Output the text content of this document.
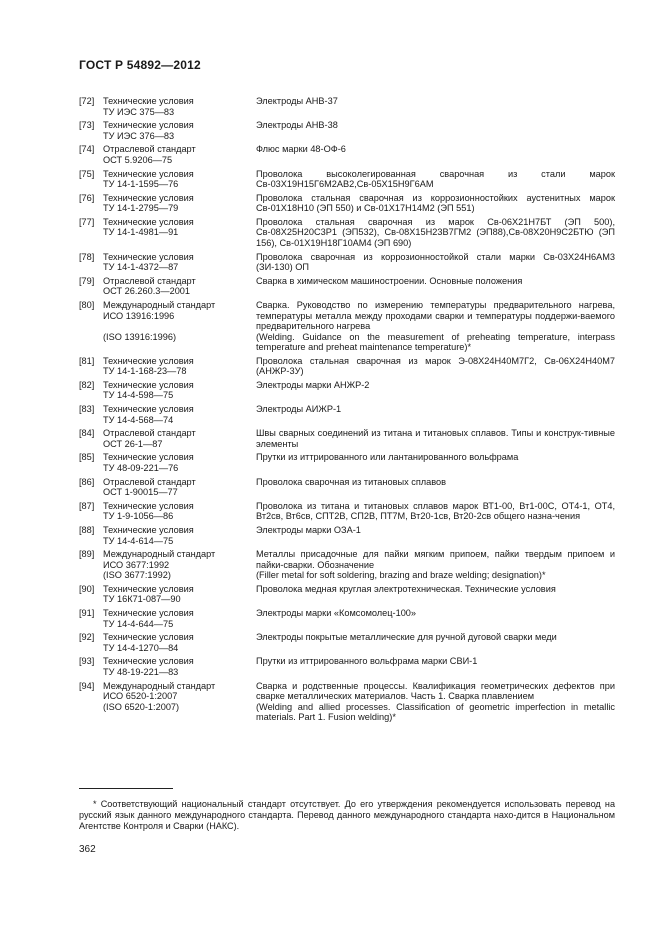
ГОСТ Р 54892—2012
[72] Технические условия
ТУ ИЭС 375—83
Электроды АНВ-37
[73] Технические условия
ТУ ИЭС 376—83
Электроды АНВ-38
[74] Отраслевой стандарт
ОСТ 5.9206—75
Флюс марки 48-ОФ-6
[75] Технические условия
ТУ 14-1-1595—76
Проволока высоколегированная сварочная из стали марок Св-03Х19Н15Г6М2АВ2,Св-05Х15Н9Г6АМ
[76] Технические условия
ТУ 14-1-2795—79
Проволока стальная сварочная из коррозионностойких аустенитных марок Св-01Х18Н10 (ЭП 550) и Св-01Х17Н14М2 (ЭП 551)
[77] Технические условия
ТУ 14-1-4981—91
Проволока стальная сварочная из марок Св-06Х21Н7БТ (ЭП 500), Св-08Х25Н20С3Р1 (ЭП532), Св-08Х15Н23В7ГМ2 (ЭП88),Св-08Х20Н9С2БТЮ (ЭП 156), Св-01Х19Н18Г10АМ4 (ЭП 690)
[78] Технические условия
ТУ 14-1-4372—87
Проволока сварочная из коррозионностойкой стали марки Св-03Х24Н6АМ3 (ЗИ-130) ОП
[79] Отраслевой стандарт
ОСТ 26.260.3—2001
Сварка в химическом машиностроении. Основные положения
[80] Международный стандарт
ИСО 13916:1996
(ISO 13916:1996)
Сварка. Руководство по измерению температуры предварительного нагрева, температуры металла между проходами сварки и температуры поддержи-ваемого предварительного нагрева
(Welding. Guidance on the measurement of preheating temperature, interpass temperature and preheat maintenance temperature)*
[81] Технические условия
ТУ 14-1-168-23—78
Проволока стальная сварочная из марок Э-08Х24Н40М7Г2, Св-06Х24Н40М7 (АНЖР-3У)
[82] Технические условия
ТУ 14-4-598—75
Электроды марки АНЖР-2
[83] Технические условия
ТУ 14-4-568—74
Электроды АИЖР-1
[84] Отраслевой стандарт
ОСТ 26-1—87
Швы сварных соединений из титана и титановых сплавов. Типы и конструк-тивные элементы
[85] Технические условия
ТУ 48-09-221—76
Прутки из иттрированного или лантанированного вольфрама
[86] Отраслевой стандарт
ОСТ 1-90015—77
Проволока сварочная из титановых сплавов
[87] Технические условия
ТУ 1-9-1056—86
Проволока из титана и титановых сплавов марок ВТ1-00, Вт1-00С, ОТ4-1, ОТ4, Вт2св, Вт6св, СПТ2В, СП2В, ПТ7М, Вт20-1св, Вт20-2св общего назна-чения
[88] Технические условия
ТУ 14-4-614—75
Электроды марки ОЗА-1
[89] Международный стандарт
ИСО 3677:1992
(ISO 3677:1992)
Металлы присадочные для пайки мягким припоем, пайки твердым припоем и пайки-сварки. Обозначение
(Filler metal for soft soldering, brazing and braze welding; designation)*
[90] Технические условия
ТУ 16К71-087—90
Проволока медная круглая электротехническая. Технические условия
[91] Технические условия
ТУ 14-4-644—75
Электроды марки «Комсомолец-100»
[92] Технические условия
ТУ 14-4-1270—84
Электроды покрытые металлические для ручной дуговой сварки меди
[93] Технические условия
ТУ 48-19-221—83
Прутки из иттрированного вольфрама марки СВИ-1
[94] Международный стандарт
ИСО 6520-1:2007
(ISO 6520-1:2007)
Сварка и родственные процессы. Квалификация геометрических дефектов при сварке металлических материалов. Часть 1. Сварка плавлением
(Welding and allied processes. Classification of geometric imperfection in metallic materials. Part 1. Fusion welding)*
* Соответствующий национальный стандарт отсутствует. До его утверждения рекомендуется использовать перевод на русский язык данного международного стандарта. Перевод данного международного стандарта нахо-дится в Национальном Агентстве Контроля и Сварки (НАКС).
362
